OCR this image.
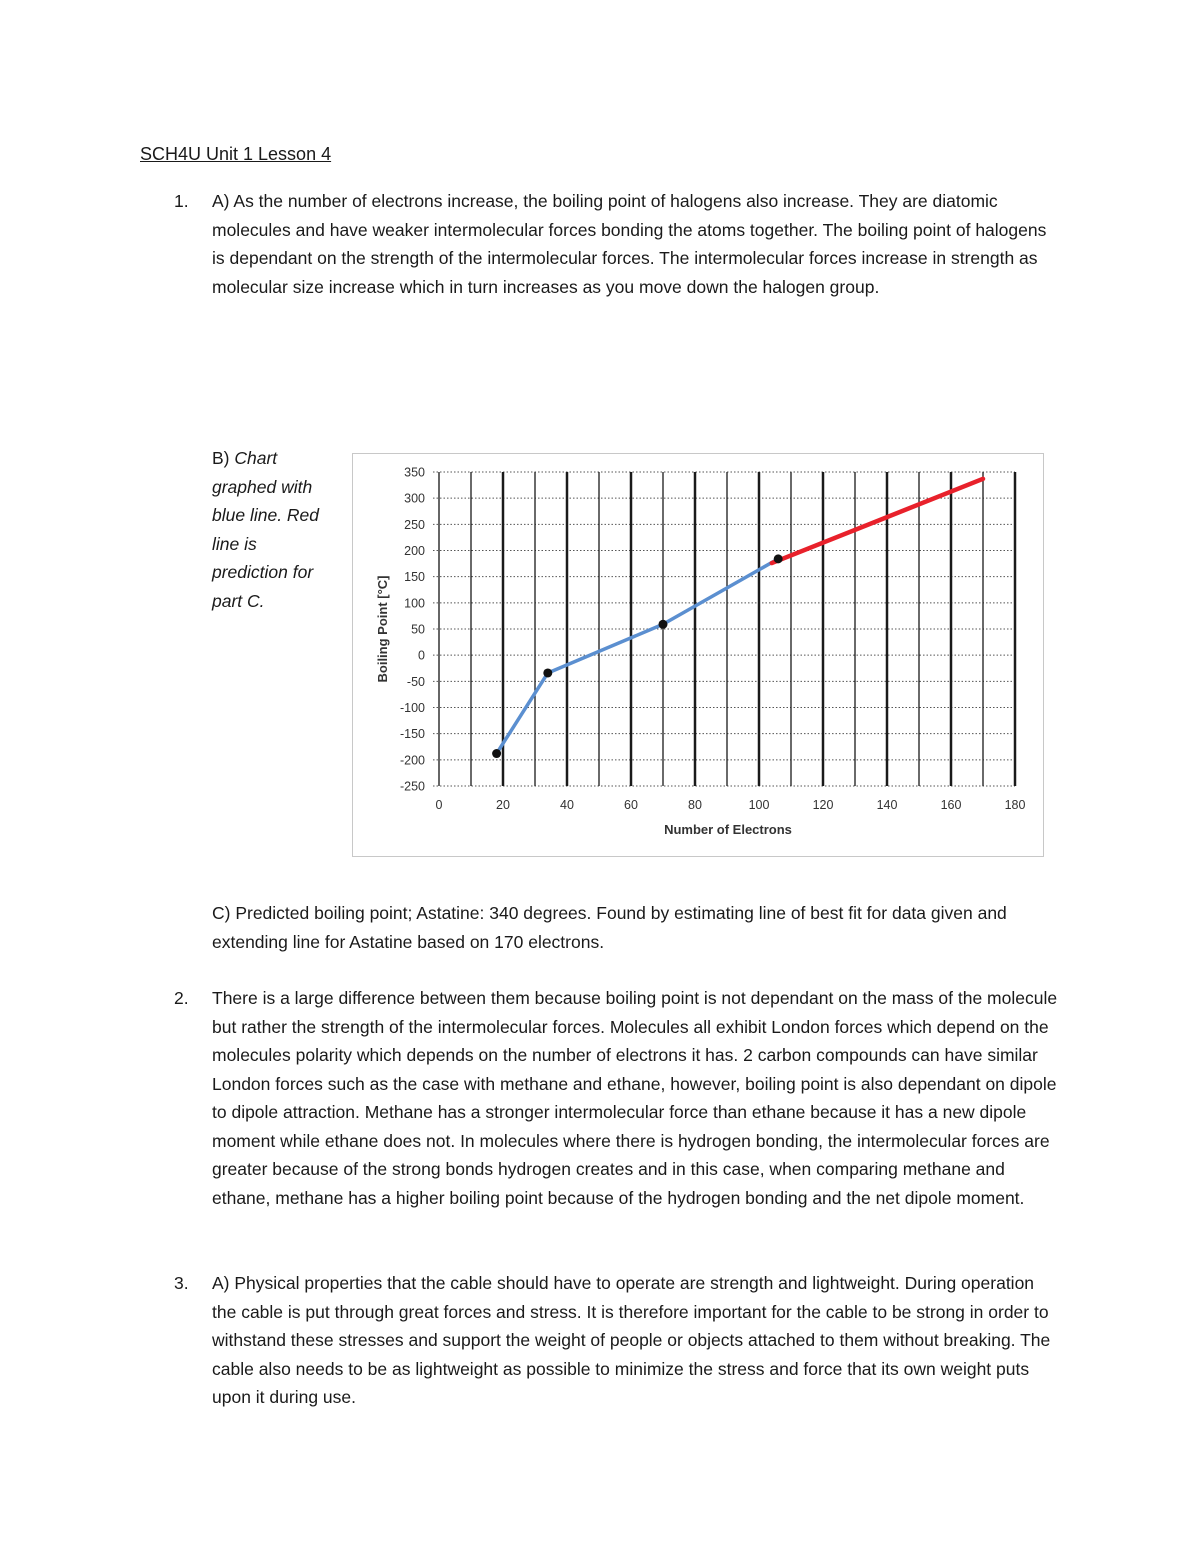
SCH4U Unit 1 Lesson 4
1. A) As the number of electrons increase, the boiling point of halogens also increase. They are diatomic molecules and have weaker intermolecular forces bonding the atoms together. The boiling point of halogens is dependant on the strength of the intermolecular forces. The intermolecular forces increase in strength as molecular size increase which in turn increases as you move down the halogen group.
B) Chart graphed with blue line. Red line is prediction for part C.
350
300
250
200
150
100
50
0
-50
-100
-150
-200
-250
0	20	40	60	80	100	120	140	160	180
Number of Electrons
Boiling Point [°C]
C) Predicted boiling point; Astatine: 340 degrees. Found by estimating line of best fit for data given and extending line for Astatine based on 170 electrons.
2. There is a large difference between them because boiling point is not dependant on the mass of the molecule but rather the strength of the intermolecular forces. Molecules all exhibit London forces which depend on the molecules polarity which depends on the number of electrons it has. 2 carbon compounds can have similar London forces such as the case with methane and ethane, however, boiling point is also dependant on dipole to dipole attraction. Methane has a stronger intermolecular force than ethane because it has a new dipole moment while ethane does not. In molecules where there is hydrogen bonding, the intermolecular forces are greater because of the strong bonds hydrogen creates and in this case, when comparing methane and ethane, methane has a higher boiling point because of the hydrogen bonding and the net dipole moment.
3. A) Physical properties that the cable should have to operate are strength and lightweight. During operation the cable is put through great forces and stress. It is therefore important for the cable to be strong in order to withstand these stresses and support the weight of people or objects attached to them without breaking. The cable also needs to be as lightweight as possible to minimize the stress and force that its own weight puts upon it during use.
